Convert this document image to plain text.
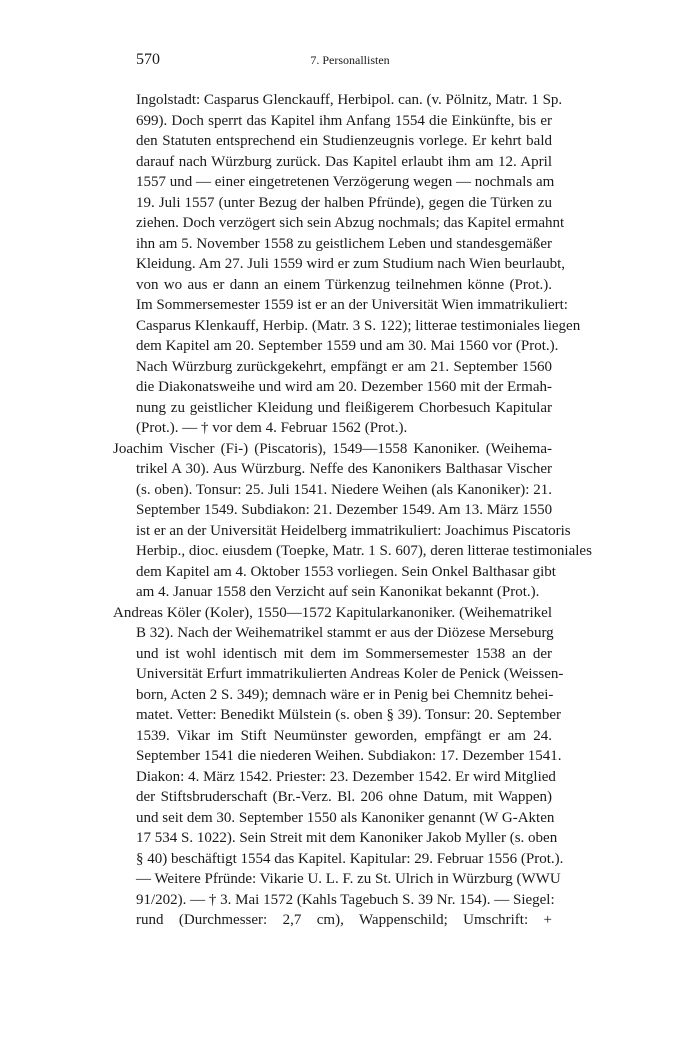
570	7. Personallisten
Ingolstadt: Casparus Glenckauff, Herbipol. can. (v. Pölnitz, Matr. 1 Sp.
699). Doch sperrt das Kapitel ihm Anfang 1554 die Einkünfte, bis er
den Statuten entsprechend ein Studienzeugnis vorlege. Er kehrt bald
darauf nach Würzburg zurück. Das Kapitel erlaubt ihm am 12. April
1557 und — einer eingetretenen Verzögerung wegen — nochmals am
19. Juli 1557 (unter Bezug der halben Pfründe), gegen die Türken zu
ziehen. Doch verzögert sich sein Abzug nochmals; das Kapitel ermahnt
ihn am 5. November 1558 zu geistlichem Leben und standesgemäßer
Kleidung. Am 27. Juli 1559 wird er zum Studium nach Wien beurlaubt,
von wo aus er dann an einem Türkenzug teilnehmen könne (Prot.).
Im Sommersemester 1559 ist er an der Universität Wien immatrikuliert:
Casparus Klenkauff, Herbip. (Matr. 3 S. 122); litterae testimoniales liegen
dem Kapitel am 20. September 1559 und am 30. Mai 1560 vor (Prot.).
Nach Würzburg zurückgekehrt, empfängt er am 21. September 1560
die Diakonatsweihe und wird am 20. Dezember 1560 mit der Ermah-
nung zu geistlicher Kleidung und fleißigerem Chorbesuch Kapitular
(Prot.). — † vor dem 4. Februar 1562 (Prot.).
Joachim Vischer (Fi-) (Piscatoris), 1549—1558 Kanoniker. (Weihema-
trikel A 30). Aus Würzburg. Neffe des Kanonikers Balthasar Vischer
(s. oben). Tonsur: 25. Juli 1541. Niedere Weihen (als Kanoniker): 21.
September 1549. Subdiakon: 21. Dezember 1549. Am 13. März 1550
ist er an der Universität Heidelberg immatrikuliert: Joachimus Piscatoris
Herbip., dioc. eiusdem (Toepke, Matr. 1 S. 607), deren litterae testimoniales
dem Kapitel am 4. Oktober 1553 vorliegen. Sein Onkel Balthasar gibt
am 4. Januar 1558 den Verzicht auf sein Kanonikat bekannt (Prot.).
Andreas Köler (Koler), 1550—1572 Kapitularkanoniker. (Weihematrikel
B 32). Nach der Weihematrikel stammt er aus der Diözese Merseburg
und ist wohl identisch mit dem im Sommersemester 1538 an der
Universität Erfurt immatrikulierten Andreas Koler de Penick (Weissen-
born, Acten 2 S. 349); demnach wäre er in Penig bei Chemnitz behei-
matet. Vetter: Benedikt Mülstein (s. oben § 39). Tonsur: 20. September
1539. Vikar im Stift Neumünster geworden, empfängt er am 24.
September 1541 die niederen Weihen. Subdiakon: 17. Dezember 1541.
Diakon: 4. März 1542. Priester: 23. Dezember 1542. Er wird Mitglied
der Stiftsbruderschaft (Br.-Verz. Bl. 206 ohne Datum, mit Wappen)
und seit dem 30. September 1550 als Kanoniker genannt (W G-Akten
17 534 S. 1022). Sein Streit mit dem Kanoniker Jakob Myller (s. oben
§ 40) beschäftigt 1554 das Kapitel. Kapitular: 29. Februar 1556 (Prot.).
— Weitere Pfründe: Vikarie U. L. F. zu St. Ulrich in Würzburg (WWU
91/202). — † 3. Mai 1572 (Kahls Tagebuch S. 39 Nr. 154). — Siegel:
rund (Durchmesser: 2,7 cm), Wappenschild; Umschrift: +
